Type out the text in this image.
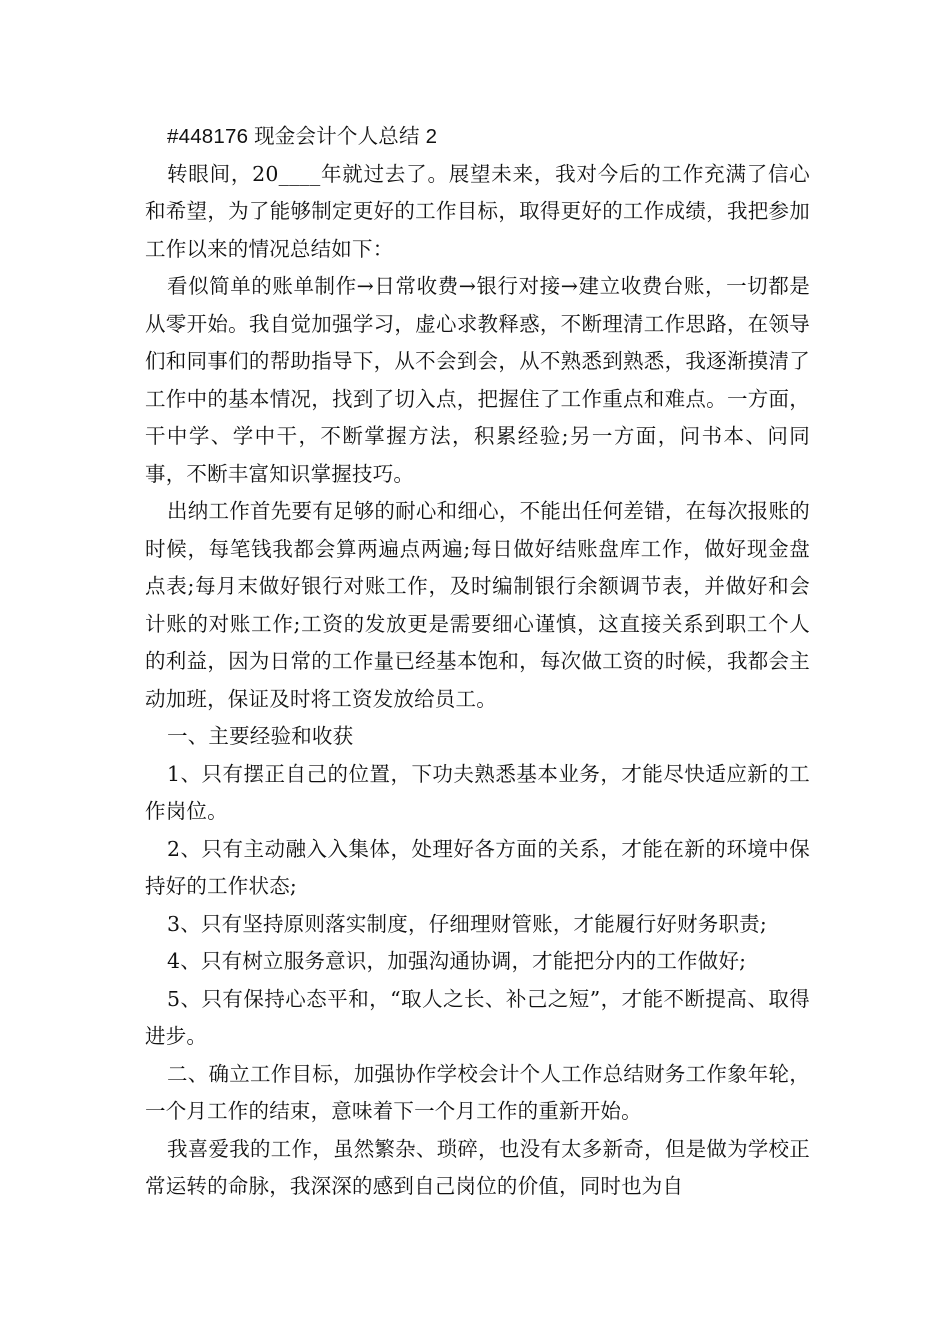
#448176 现金会计个人总结 2

转眼间，20____年就过去了。展望未来，我对今后的工作充满了信心和希望，为了能够制定更好的工作目标，取得更好的工作成绩，我把参加工作以来的情况总结如下：

看似简单的账单制作→日常收费→银行对接→建立收费台账，一切都是从零开始。我自觉加强学习，虚心求教释惑，不断理清工作思路，在领导们和同事们的帮助指导下，从不会到会，从不熟悉到熟悉，我逐渐摸清了工作中的基本情况，找到了切入点，把握住了工作重点和难点。一方面，干中学、学中干，不断掌握方法，积累经验;另一方面，问书本、问同事，不断丰富知识掌握技巧。

出纳工作首先要有足够的耐心和细心，不能出任何差错，在每次报账的时候，每笔钱我都会算两遍点两遍;每日做好结账盘库工作，做好现金盘点表;每月末做好银行对账工作，及时编制银行余额调节表，并做好和会计账的对账工作;工资的发放更是需要细心谨慎，这直接关系到职工个人的利益，因为日常的工作量已经基本饱和，每次做工资的时候，我都会主动加班，保证及时将工资发放给员工。

一、主要经验和收获

1、只有摆正自己的位置，下功夫熟悉基本业务，才能尽快适应新的工作岗位。

2、只有主动融入入集体，处理好各方面的关系，才能在新的环境中保持好的工作状态;

3、只有坚持原则落实制度，仔细理财管账，才能履行好财务职责;

4、只有树立服务意识，加强沟通协调，才能把分内的工作做好;

5、只有保持心态平和，“取人之长、补己之短”，才能不断提高、取得进步。

二、确立工作目标，加强协作学校会计个人工作总结财务工作象年轮，一个月工作的结束，意味着下一个月工作的重新开始。

我喜爱我的工作，虽然繁杂、琐碎，也没有太多新奇，但是做为学校正常运转的命脉，我深深的感到自己岗位的价值，同时也为自
